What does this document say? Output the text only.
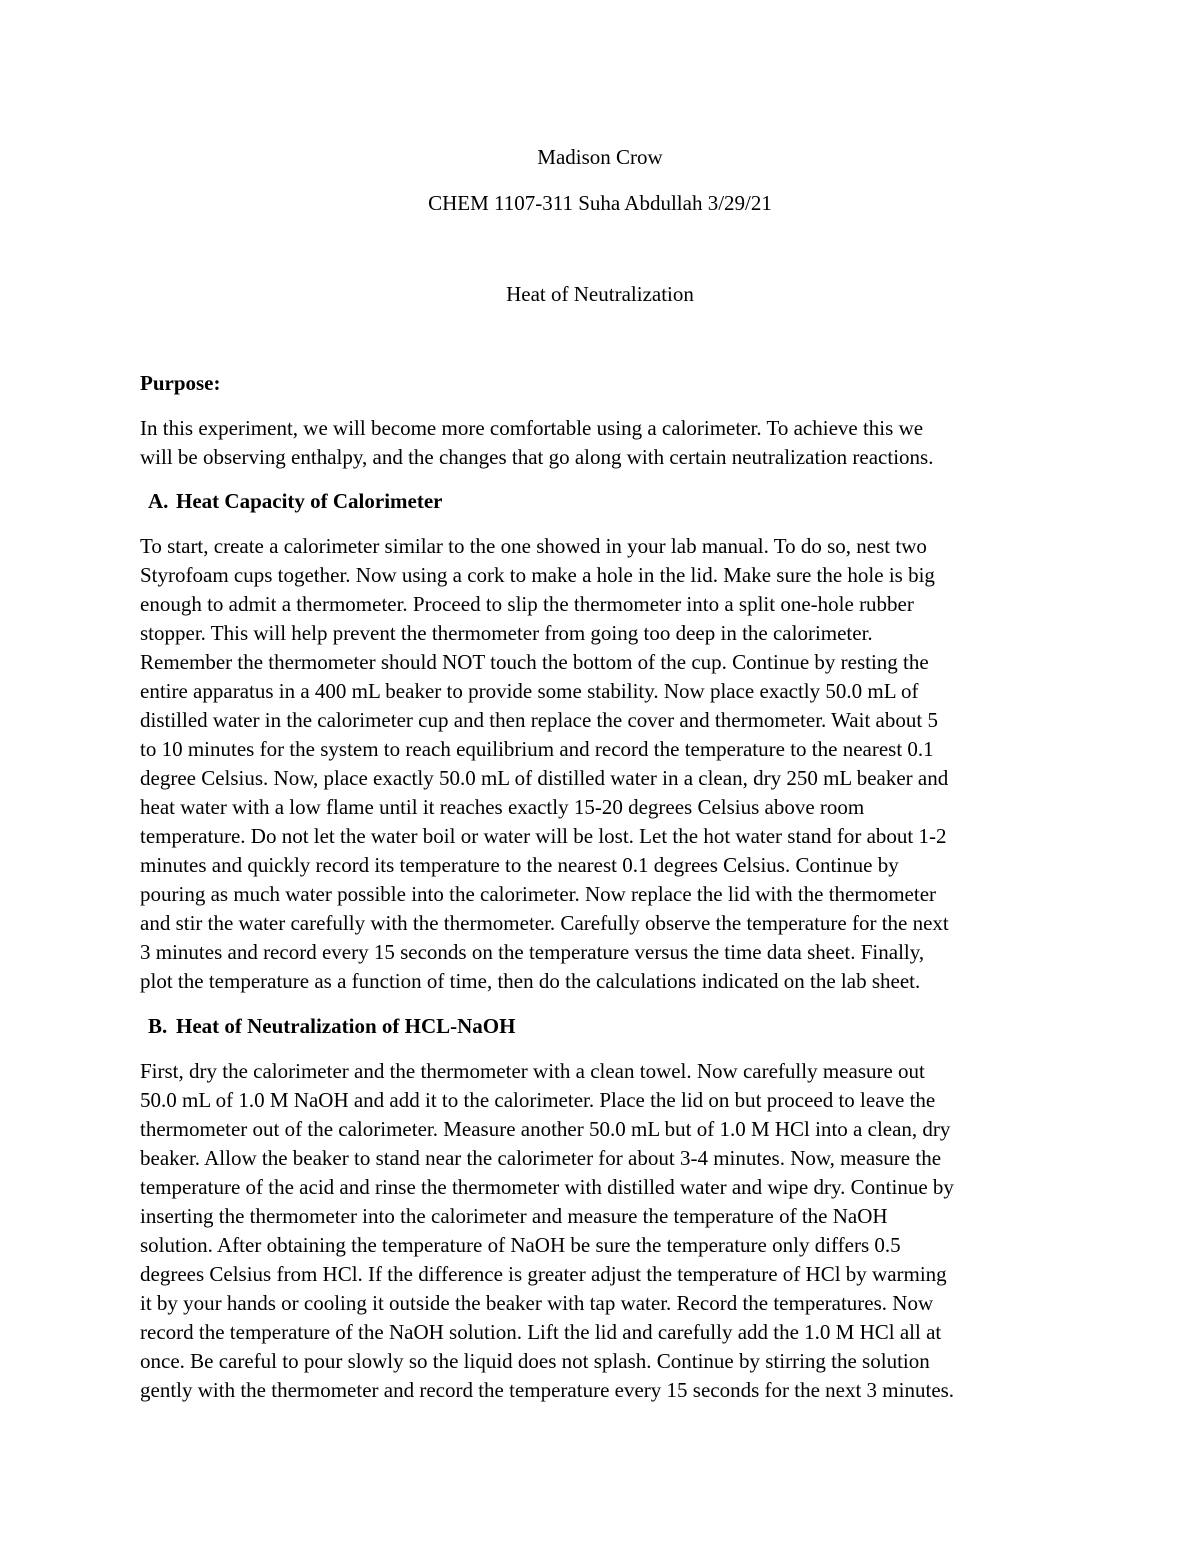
Madison Crow
CHEM 1107-311 Suha Abdullah 3/29/21
Heat of Neutralization
Purpose:
In this experiment, we will become more comfortable using a calorimeter. To achieve this we
will be observing enthalpy, and the changes that go along with certain neutralization reactions.
A. Heat Capacity of Calorimeter
To start, create a calorimeter similar to the one showed in your lab manual. To do so, nest two
Styrofoam cups together. Now using a cork to make a hole in the lid. Make sure the hole is big
enough to admit a thermometer. Proceed to slip the thermometer into a split one-hole rubber
stopper. This will help prevent the thermometer from going too deep in the calorimeter.
Remember the thermometer should NOT touch the bottom of the cup. Continue by resting the
entire apparatus in a 400 mL beaker to provide some stability. Now place exactly 50.0 mL of
distilled water in the calorimeter cup and then replace the cover and thermometer. Wait about 5
to 10 minutes for the system to reach equilibrium and record the temperature to the nearest 0.1
degree Celsius. Now, place exactly 50.0 mL of distilled water in a clean, dry 250 mL beaker and
heat water with a low flame until it reaches exactly 15-20 degrees Celsius above room
temperature. Do not let the water boil or water will be lost. Let the hot water stand for about 1-2
minutes and quickly record its temperature to the nearest 0.1 degrees Celsius. Continue by
pouring as much water possible into the calorimeter. Now replace the lid with the thermometer
and stir the water carefully with the thermometer. Carefully observe the temperature for the next
3 minutes and record every 15 seconds on the temperature versus the time data sheet. Finally,
plot the temperature as a function of time, then do the calculations indicated on the lab sheet.
B. Heat of Neutralization of HCL-NaOH
First, dry the calorimeter and the thermometer with a clean towel. Now carefully measure out
50.0 mL of 1.0 M NaOH and add it to the calorimeter. Place the lid on but proceed to leave the
thermometer out of the calorimeter. Measure another 50.0 mL but of 1.0 M HCl into a clean, dry
beaker. Allow the beaker to stand near the calorimeter for about 3-4 minutes. Now, measure the
temperature of the acid and rinse the thermometer with distilled water and wipe dry. Continue by
inserting the thermometer into the calorimeter and measure the temperature of the NaOH
solution. After obtaining the temperature of NaOH be sure the temperature only differs 0.5
degrees Celsius from HCl. If the difference is greater adjust the temperature of HCl by warming
it by your hands or cooling it outside the beaker with tap water. Record the temperatures. Now
record the temperature of the NaOH solution. Lift the lid and carefully add the 1.0 M HCl all at
once. Be careful to pour slowly so the liquid does not splash. Continue by stirring the solution
gently with the thermometer and record the temperature every 15 seconds for the next 3 minutes.
